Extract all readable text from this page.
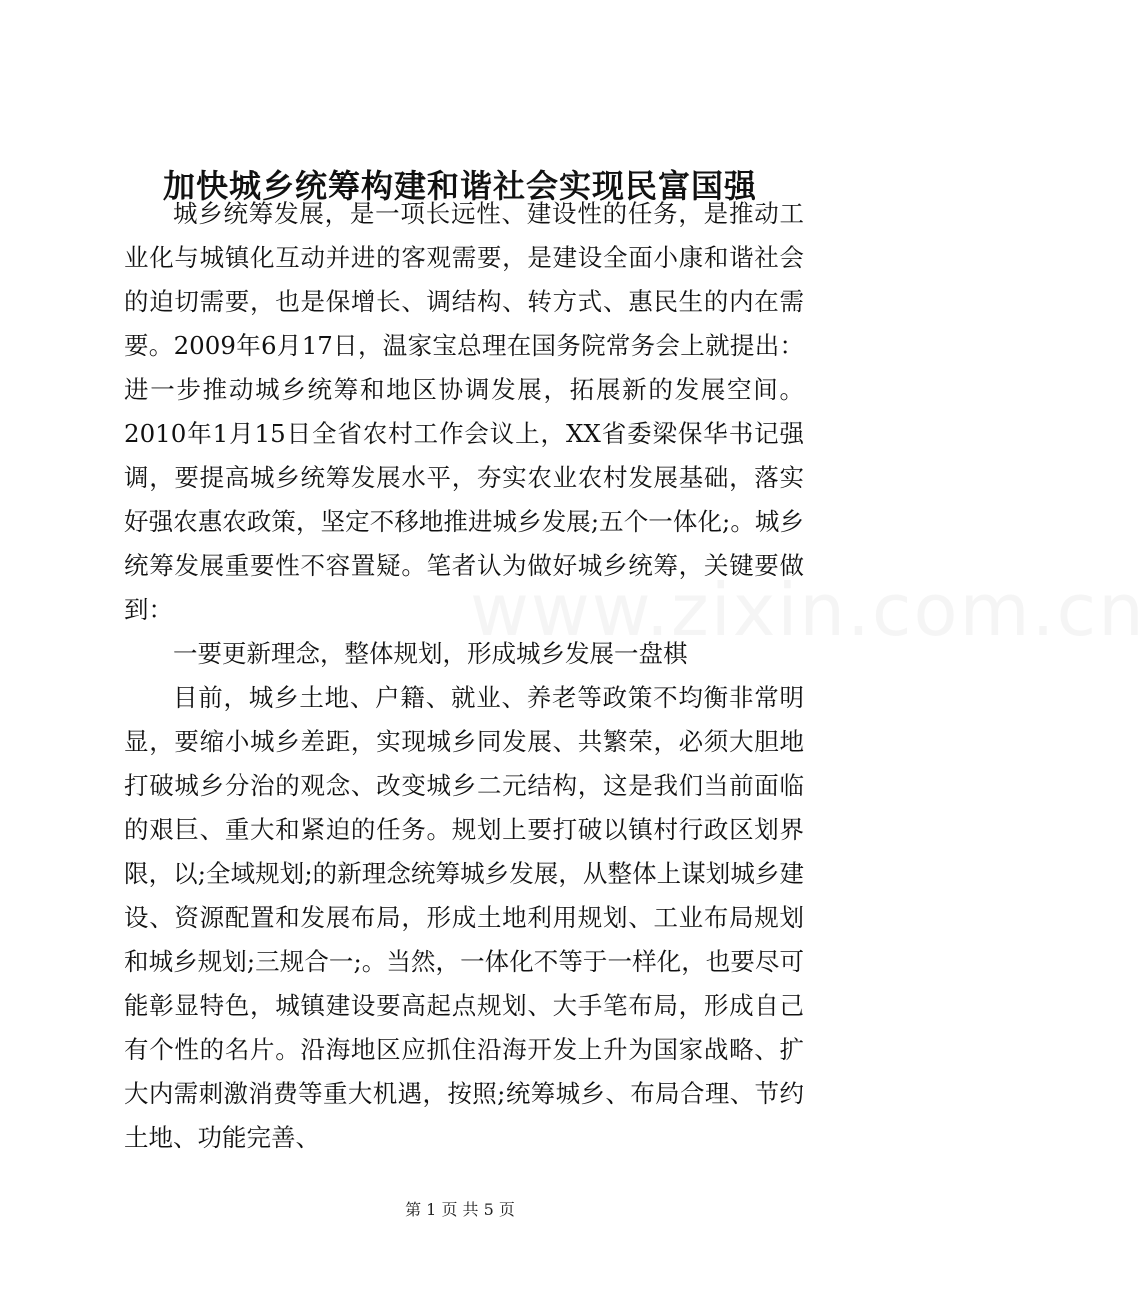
加快城乡统筹构建和谐社会实现民富国强

城乡统筹发展，是一项长远性、建设性的任务，是推动工业化与城镇化互动并进的客观需要，是建设全面小康和谐社会的迫切需要，也是保增长、调结构、转方式、惠民生的内在需要。2009年6月17日，温家宝总理在国务院常务会上就提出：进一步推动城乡统筹和地区协调发展，拓展新的发展空间。2010年1月15日全省农村工作会议上，XX省委梁保华书记强调，要提高城乡统筹发展水平，夯实农业农村发展基础，落实好强农惠农政策，坚定不移地推进城乡发展;五个一体化;。城乡统筹发展重要性不容置疑。笔者认为做好城乡统筹，关键要做到：

一要更新理念，整体规划，形成城乡发展一盘棋

目前，城乡土地、户籍、就业、养老等政策不均衡非常明显，要缩小城乡差距，实现城乡同发展、共繁荣，必须大胆地打破城乡分治的观念、改变城乡二元结构，这是我们当前面临的艰巨、重大和紧迫的任务。规划上要打破以镇村行政区划界限，以;全域规划;的新理念统筹城乡发展，从整体上谋划城乡建设、资源配置和发展布局，形成土地利用规划、工业布局规划和城乡规划;三规合一;。当然，一体化不等于一样化，也要尽可能彰显特色，城镇建设要高起点规划、大手笔布局，形成自己有个性的名片。沿海地区应抓住沿海开发上升为国家战略、扩大内需刺激消费等重大机遇，按照;统筹城乡、布局合理、节约土地、功能完善、

www.zixin.com.cn
第 1 页 共 5 页
